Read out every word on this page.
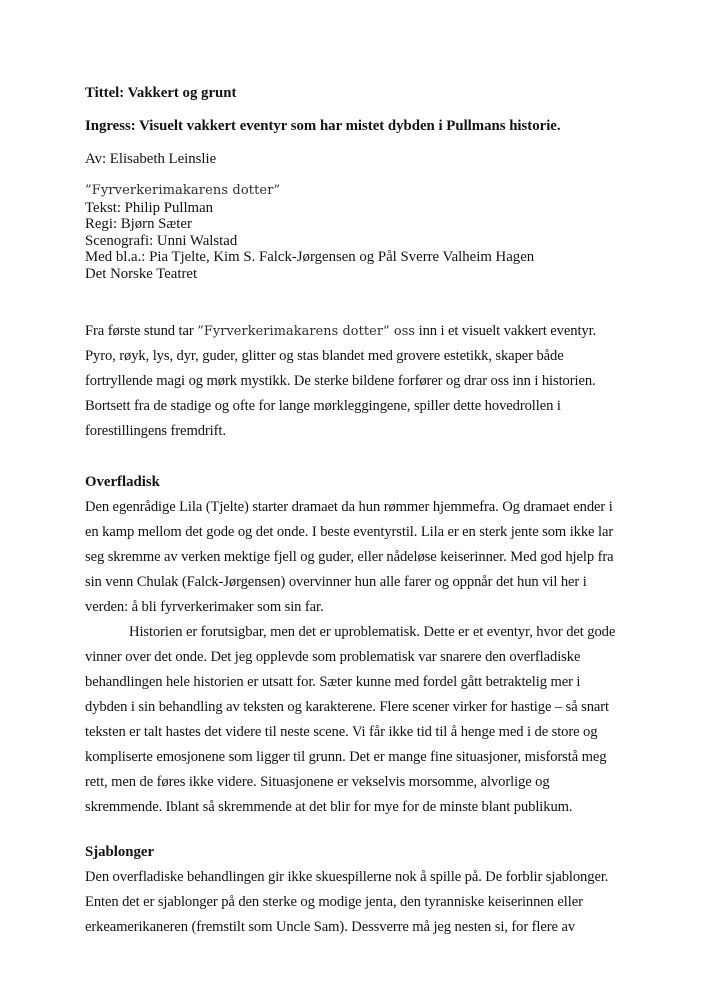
Tittel: Vakkert og grunt

Ingress: Visuelt vakkert eventyr som har mistet dybden i Pullmans historie.

Av: Elisabeth Leinslie

”Fyrverkerimakarens dotter”
Tekst: Philip Pullman
Regi: Bjørn Sæter
Scenografi: Unni Walstad
Med bl.a.: Pia Tjelte, Kim S. Falck-Jørgensen og Pål Sverre Valheim Hagen
Det Norske Teatret

Fra første stund tar ”Fyrverkerimakarens dotter” oss inn i et visuelt vakkert eventyr. Pyro, røyk, lys, dyr, guder, glitter og stas blandet med grovere estetikk, skaper både fortryllende magi og mørk mystikk. De sterke bildene forfører og drar oss inn i historien. Bortsett fra de stadige og ofte for lange mørkleggingene, spiller dette hovedrollen i forestillingens fremdrift.

Overfladisk

Den egenrådige Lila (Tjelte) starter dramaet da hun rømmer hjemmefra. Og dramaet ender i en kamp mellom det gode og det onde. I beste eventyrstil. Lila er en sterk jente som ikke lar seg skremme av verken mektige fjell og guder, eller nådeløse keiserinner. Med god hjelp fra sin venn Chulak (Falck-Jørgensen) overvinner hun alle farer og oppnår det hun vil her i verden: å bli fyrverkerimaker som sin far.

Historien er forutsigbar, men det er uproblematisk. Dette er et eventyr, hvor det gode vinner over det onde. Det jeg opplevde som problematisk var snarere den overfladiske behandlingen hele historien er utsatt for. Sæter kunne med fordel gått betraktelig mer i dybden i sin behandling av teksten og karakterene. Flere scener virker for hastige – så snart teksten er talt hastes det videre til neste scene. Vi får ikke tid til å henge med i de store og kompliserte emosjonene som ligger til grunn. Det er mange fine situasjoner, misforstå meg rett, men de føres ikke videre. Situasjonene er vekselvis morsomme, alvorlige og skremmende. Iblant så skremmende at det blir for mye for de minste blant publikum.

Sjablonger

Den overfladiske behandlingen gir ikke skuespillerne nok å spille på. De forblir sjablonger. Enten det er sjablonger på den sterke og modige jenta, den tyranniske keiserinnen eller erkeamerikaneren (fremstilt som Uncle Sam). Dessverre må jeg nesten si, for flere av
